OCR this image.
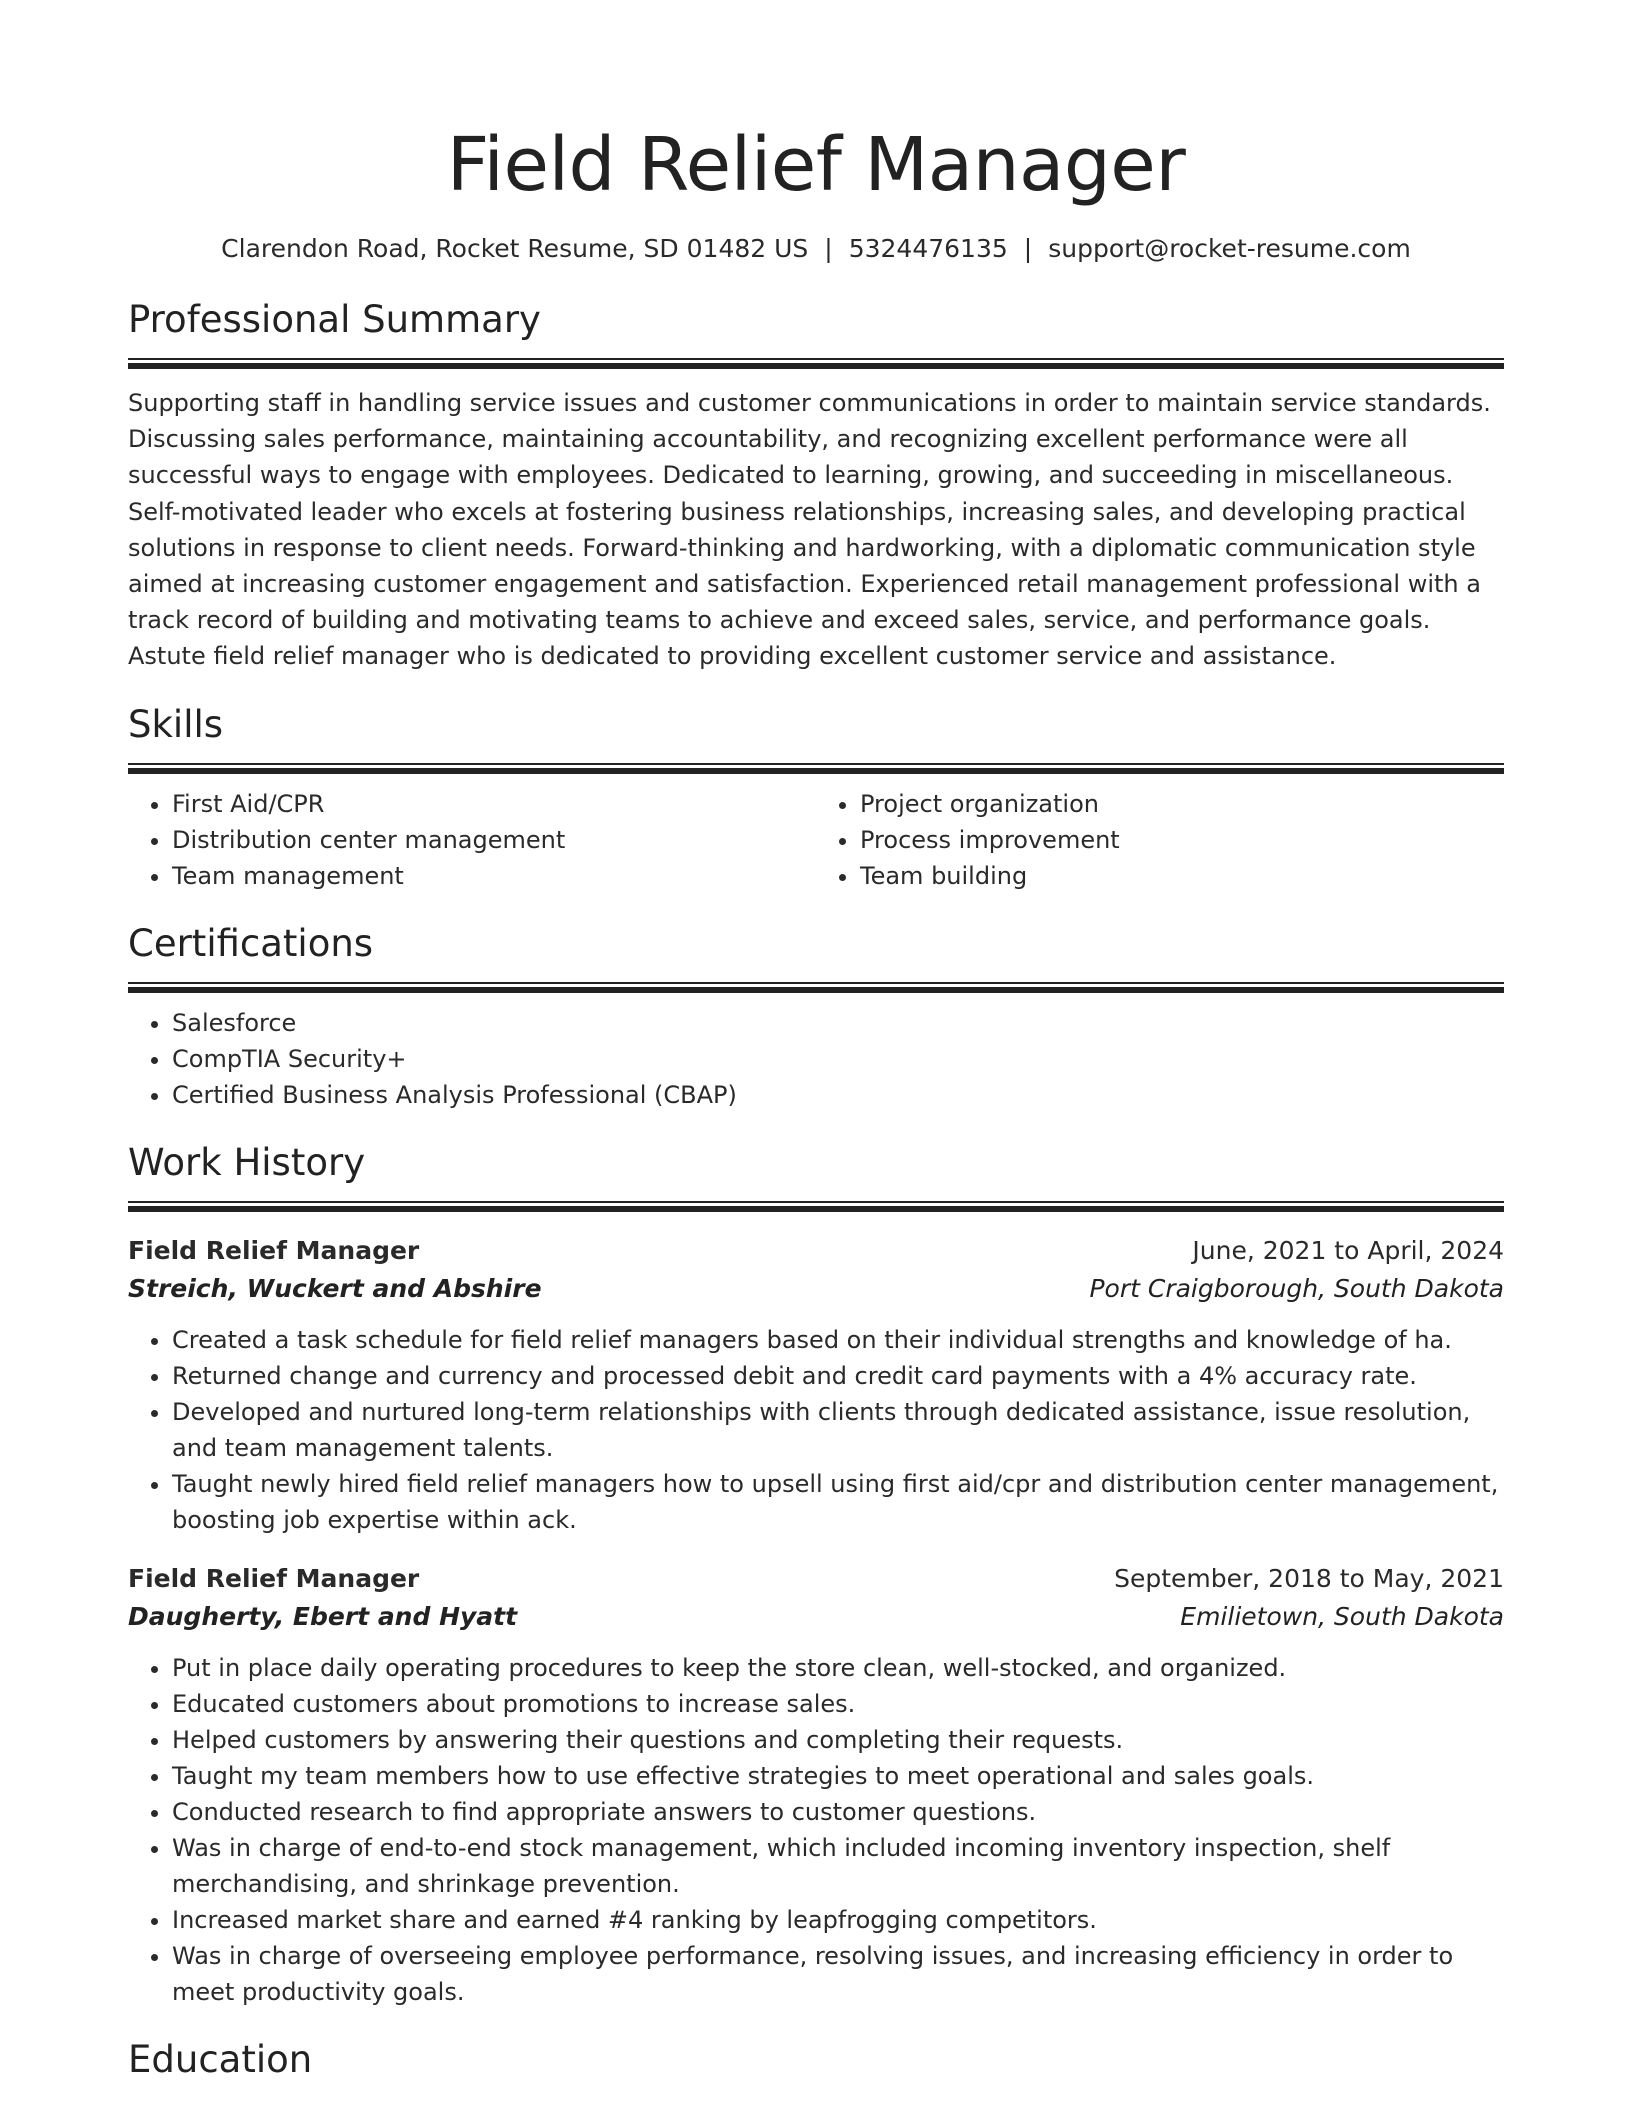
Field Relief Manager
Clarendon Road, Rocket Resume, SD 01482 US | 5324476135 | support@rocket-resume.com
Professional Summary

Supporting staff in handling service issues and customer communications in order to maintain service standards. Discussing sales performance, maintaining accountability, and recognizing excellent performance were all successful ways to engage with employees. Dedicated to learning, growing, and succeeding in miscellaneous. Self-motivated leader who excels at fostering business relationships, increasing sales, and developing practical solutions in response to client needs. Forward-thinking and hardworking, with a diplomatic communication style aimed at increasing customer engagement and satisfaction. Experienced retail management professional with a track record of building and motivating teams to achieve and exceed sales, service, and performance goals. Astute field relief manager who is dedicated to providing excellent customer service and assistance.

Skills
• First Aid/CPR
• Distribution center management
• Team management
• Project organization
• Process improvement
• Team building
Certifications
• Salesforce
• CompTIA Security+
• Certified Business Analysis Professional (CBAP)
Work History
Field Relief Manager	June, 2021 to April, 2024
Streich, Wuckert and Abshire	Port Craigborough, South Dakota
• Created a task schedule for field relief managers based on their individual strengths and knowledge of ha.
• Returned change and currency and processed debit and credit card payments with a 4% accuracy rate.
• Developed and nurtured long-term relationships with clients through dedicated assistance, issue resolution, and team management talents.
• Taught newly hired field relief managers how to upsell using first aid/cpr and distribution center management, boosting job expertise within ack.
Field Relief Manager	September, 2018 to May, 2021
Daugherty, Ebert and Hyatt	Emilietown, South Dakota
• Put in place daily operating procedures to keep the store clean, well-stocked, and organized.
• Educated customers about promotions to increase sales.
• Helped customers by answering their questions and completing their requests.
• Taught my team members how to use effective strategies to meet operational and sales goals.
• Conducted research to find appropriate answers to customer questions.
• Was in charge of end-to-end stock management, which included incoming inventory inspection, shelf merchandising, and shrinkage prevention.
• Increased market share and earned #4 ranking by leapfrogging competitors.
• Was in charge of overseeing employee performance, resolving issues, and increasing efficiency in order to meet productivity goals.
Education
